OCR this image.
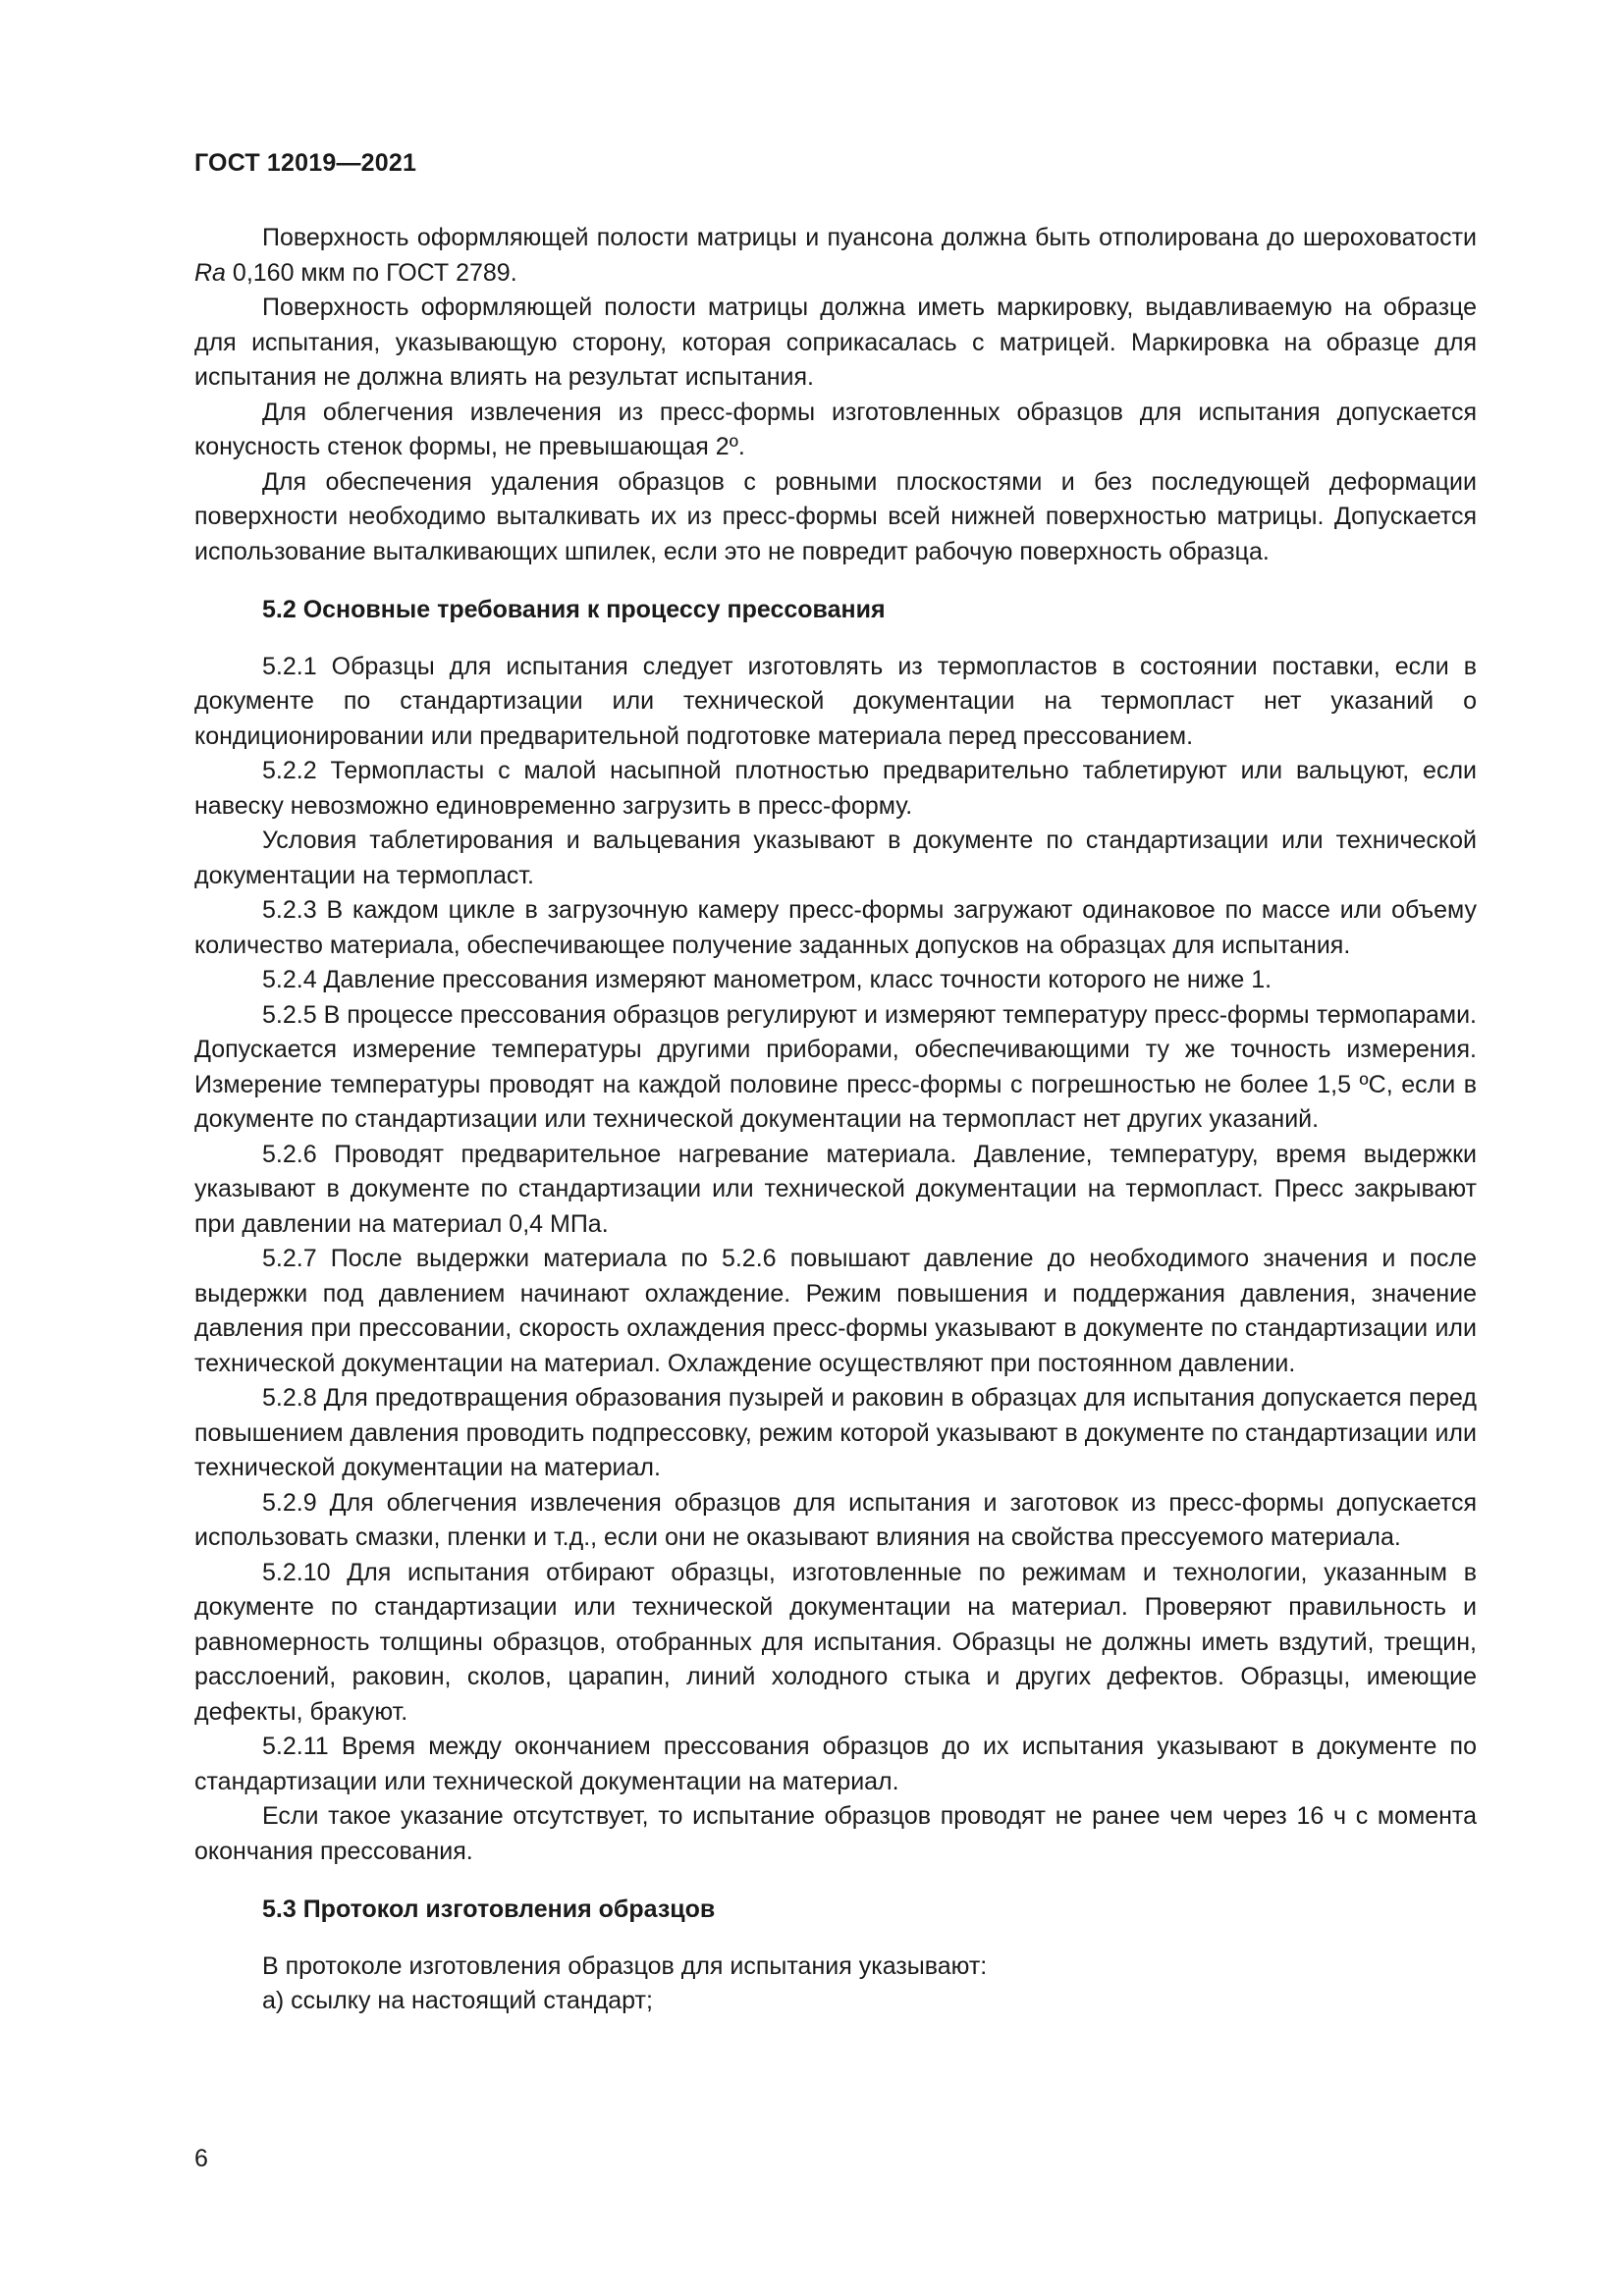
ГОСТ 12019—2021

Поверхность оформляющей полости матрицы и пуансона должна быть отполирована до шероховатости Ra 0,160 мкм по ГОСТ 2789.

Поверхность оформляющей полости матрицы должна иметь маркировку, выдавливаемую на образце для испытания, указывающую сторону, которая соприкасалась с матрицей. Маркировка на образце для испытания не должна влиять на результат испытания.

Для облегчения извлечения из пресс-формы изготовленных образцов для испытания допускается конусность стенок формы, не превышающая 2º.

Для обеспечения удаления образцов с ровными плоскостями и без последующей деформации поверхности необходимо выталкивать их из пресс-формы всей нижней поверхностью матрицы. Допускается использование выталкивающих шпилек, если это не повредит рабочую поверхность образца.

5.2 Основные требования к процессу прессования

5.2.1 Образцы для испытания следует изготовлять из термопластов в состоянии поставки, если в документе по стандартизации или технической документации на термопласт нет указаний о кондиционировании или предварительной подготовке материала перед прессованием.

5.2.2 Термопласты с малой насыпной плотностью предварительно таблетируют или вальцуют, если навеску невозможно единовременно загрузить в пресс-форму.

Условия таблетирования и вальцевания указывают в документе по стандартизации или технической документации на термопласт.

5.2.3 В каждом цикле в загрузочную камеру пресс-формы загружают одинаковое по массе или объему количество материала, обеспечивающее получение заданных допусков на образцах для испытания.

5.2.4 Давление прессования измеряют манометром, класс точности которого не ниже 1.

5.2.5 В процессе прессования образцов регулируют и измеряют температуру пресс-формы термопарами. Допускается измерение температуры другими приборами, обеспечивающими ту же точность измерения. Измерение температуры проводят на каждой половине пресс-формы с погрешностью не более 1,5 ºС, если в документе по стандартизации или технической документации на термопласт нет других указаний.

5.2.6 Проводят предварительное нагревание материала. Давление, температуру, время выдержки указывают в документе по стандартизации или технической документации на термопласт. Пресс закрывают при давлении на материал 0,4 МПа.

5.2.7 После выдержки материала по 5.2.6 повышают давление до необходимого значения и после выдержки под давлением начинают охлаждение. Режим повышения и поддержания давления, значение давления при прессовании, скорость охлаждения пресс-формы указывают в документе по стандартизации или технической документации на материал. Охлаждение осуществляют при постоянном давлении.

5.2.8 Для предотвращения образования пузырей и раковин в образцах для испытания допускается перед повышением давления проводить подпрессовку, режим которой указывают в документе по стандартизации или технической документации на материал.

5.2.9 Для облегчения извлечения образцов для испытания и заготовок из пресс-формы допускается использовать смазки, пленки и т.д., если они не оказывают влияния на свойства прессуемого материала.

5.2.10 Для испытания отбирают образцы, изготовленные по режимам и технологии, указанным в документе по стандартизации или технической документации на материал. Проверяют правильность и равномерность толщины образцов, отобранных для испытания. Образцы не должны иметь вздутий, трещин, расслоений, раковин, сколов, царапин, линий холодного стыка и других дефектов. Образцы, имеющие дефекты, бракуют.

5.2.11 Время между окончанием прессования образцов до их испытания указывают в документе по стандартизации или технической документации на материал.

Если такое указание отсутствует, то испытание образцов проводят не ранее чем через 16 ч с момента окончания прессования.

5.3 Протокол изготовления образцов

В протоколе изготовления образцов для испытания указывают:

а) ссылку на настоящий стандарт;

6
